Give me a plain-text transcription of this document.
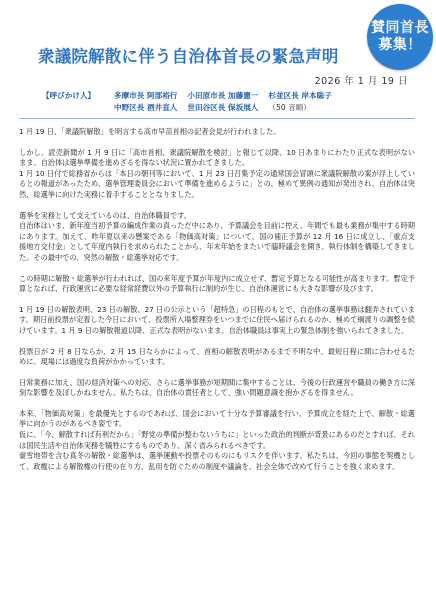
賛同首長
募集！
衆議院解散に伴う自治体首長の緊急声明
2026 年 1 月 19 日
【呼びかけ人】	多摩市長 阿部裕行 小田原市長 加藤憲一 杉並区長 岸本聡子
中野区長 酒井直人 世田谷区長 保坂展人 （50 音順）

1 月 19 日、「衆議院解散」を明言する高市早苗首相の記者会見が行われました。

しかし、読売新聞が 1 月 9 日に「高市首相、衆議院解散を検討」と報じて以降、10 日あまりにわたり正式な表明がないまま、自治体は選挙準備を進めざるを得ない状況に置かれてきました。

1 月 10 日付で総務省からは「本日の朝刊等において、1 月 23 日召集予定の通常国会冒頭に衆議院解散の案が浮上しているとの報道があったため、選挙管理委員会において準備を進めるように」との、極めて異例の通知が発出され、自治体は突然、総選挙に向けた実務に着手することとなりました。

選挙を実務として支えているのは、自治体職員です。

自治体はいま、新年度当初予算の編成作業の真っただ中にあり、予算議会を目前に控え、年間でも最も業務が集中する時期にあります。加えて、昨年夏以来の懸案である「物価高対策」について、国の補正予算が 12 月 16 日に成立し、「重点支援地方交付金」として年度内執行を求められたことから、年末年始をまたいで臨時議会を開き、執行体制を構築してきました。その最中での、突然の解散・総選挙対応です。

この時期に解散・総選挙が行われれば、国の来年度予算が年度内に成立せず、暫定予算となる可能性が高まります。暫定予算となれば、行政運営に必要な経常経費以外の予算執行に制約が生じ、自治体運営にも大きな影響が及びます。

1 月 19 日の解散表明、23 日の解散、27 日の公示という「超特急」の日程のもとで、自治体の選挙事務は翻弄されています。期日前投票が定着した今日において、投票所入場整理券をいつまでに住民へ届けられるのか、極めて綱渡りの調整を続けています。1 月 9 日の解散報道以降、正式な表明がないまま、自治体職員は事実上の緊急体制を強いられてきました。

投票日が 2 月 8 日ならか、2 月 15 日ならかによって、首相の解散表明があるまで不明な中、最短日程に間に合わせるために、現場には過度な負荷がかかっています。

日常業務に加え、国の経済対策への対応、さらに選挙事務が短期間に集中することは、今後の行政運営や職員の働き方に深刻な影響を及ぼしかねません。私たちは、自治体の責任者として、強い問題意識を抱かざるを得ません。

本来、「物価高対策」を最優先とするのであれば、国会において十分な予算審議を行い、予算成立を経た上で、解散・総選挙に向かうのがあるべき姿です。

仮に、「今、解散すれば有利だから」「野党の準備が整わないうちに」といった政治的判断が背景にあるのだとすれば、それは国民生活や自治体実務を犠牲にするものであり、深く省みられるべきです。

豪雪地帯を含む真冬の解散・総選挙は、選挙運動や投票そのものにもリスクを伴います。私たちは、今回の事態を契機として、政権による解散権の行使の在り方、乱用を防ぐための制度や議論を、社会全体で改めて行うことを強く求めます。
